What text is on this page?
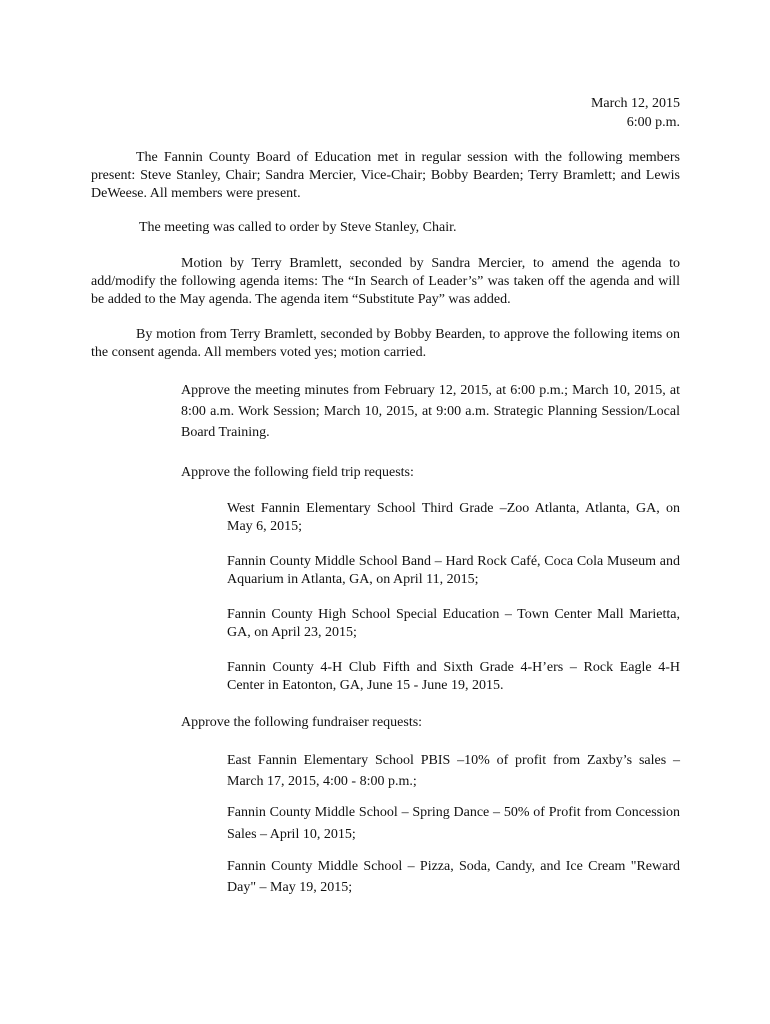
March 12, 2015
6:00 p.m.
The Fannin County Board of Education met in regular session with the following members present: Steve Stanley, Chair; Sandra Mercier, Vice-Chair; Bobby Bearden; Terry Bramlett; and Lewis DeWeese. All members were present.
The meeting was called to order by Steve Stanley, Chair.
Motion by Terry Bramlett, seconded by Sandra Mercier, to amend the agenda to add/modify the following agenda items: The “In Search of Leader’s” was taken off the agenda and will be added to the May agenda. The agenda item “Substitute Pay” was added.
By motion from Terry Bramlett, seconded by Bobby Bearden, to approve the following items on the consent agenda. All members voted yes; motion carried.
Approve the meeting minutes from February 12, 2015, at 6:00 p.m.; March 10, 2015, at 8:00 a.m. Work Session; March 10, 2015, at 9:00 a.m. Strategic Planning Session/Local Board Training.
Approve the following field trip requests:
West Fannin Elementary School Third Grade –Zoo Atlanta, Atlanta, GA, on May 6, 2015;
Fannin County Middle School Band – Hard Rock Café, Coca Cola Museum and Aquarium in Atlanta, GA, on April 11, 2015;
Fannin County High School Special Education – Town Center Mall Marietta, GA, on April 23, 2015;
Fannin County 4-H Club Fifth and Sixth Grade 4-H’ers – Rock Eagle 4-H Center in Eatonton, GA, June 15 - June 19, 2015.
Approve the following fundraiser requests:
East Fannin Elementary School PBIS –10% of profit from Zaxby’s sales – March 17, 2015, 4:00 - 8:00 p.m.;
Fannin County Middle School – Spring Dance – 50% of Profit from Concession Sales – April 10, 2015;
Fannin County Middle School – Pizza, Soda, Candy, and Ice Cream "Reward Day" – May 19, 2015;
